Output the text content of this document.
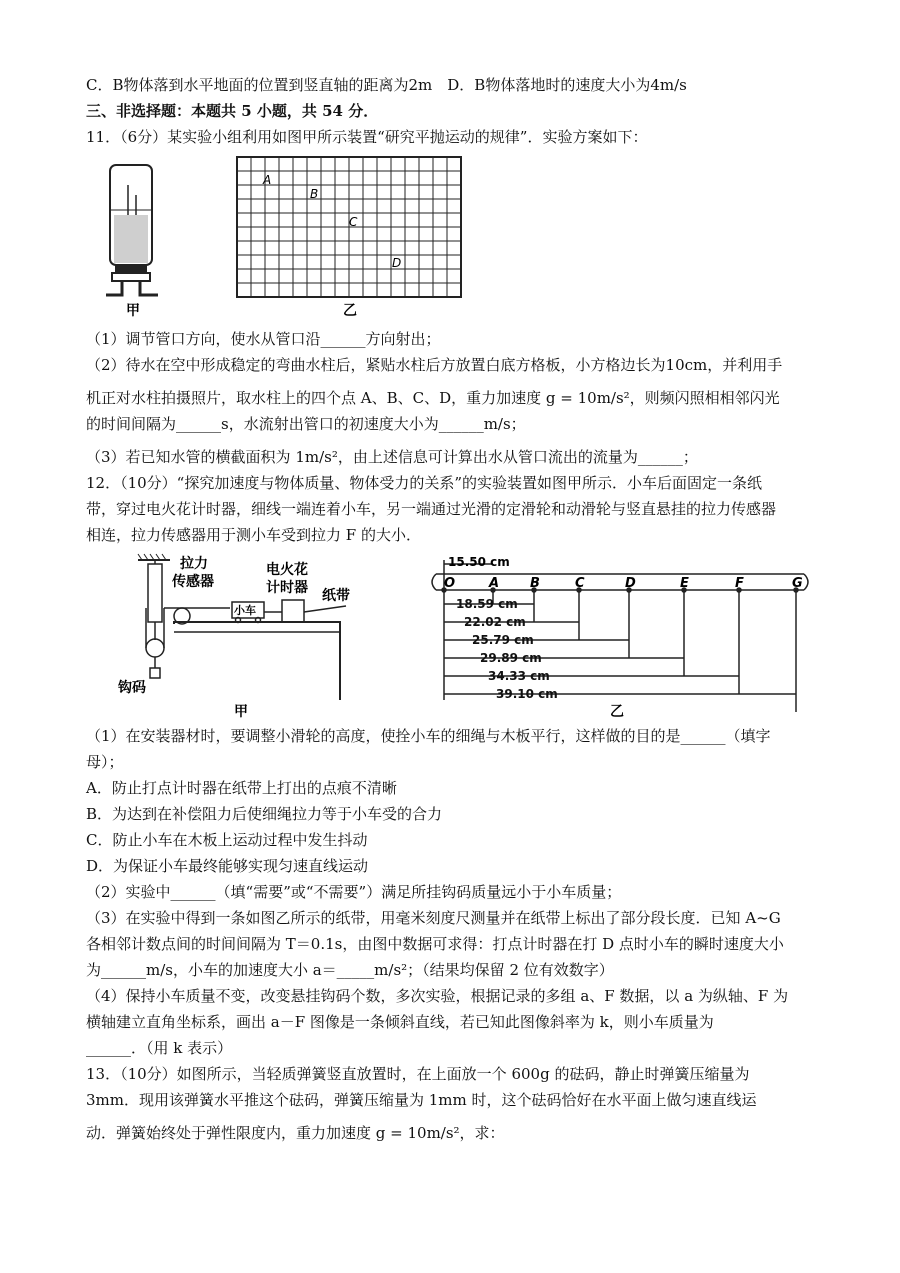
C．B物体落到水平地面的位置到竖直轴的距离为2m　D．B物体落地时的速度大小为4m/s
三、非选择题：本题共 5 小题，共 54 分．
11．（6分）某实验小组利用如图甲所示装置“研究平抛运动的规律”．实验方案如下：
甲
A
B
C
D
乙
（1）调节管口方向，使水从管口沿______方向射出；
（2）待水在空中形成稳定的弯曲水柱后，紧贴水柱后方放置白底方格板，小方格边长为10cm，并利用手
机正对水柱拍摄照片，取水柱上的四个点 A、B、C、D，重力加速度 g = 10m/s²，则频闪照相相邻闪光
的时间间隔为______s，水流射出管口的初速度大小为______m/s；
（3）若已知水管的横截面积为 1m/s²，由上述信息可计算出水从管口流出的流量为______；
12．（10分）“探究加速度与物体质量、物体受力的关系”的实验装置如图甲所示．小车后面固定一条纸
带，穿过电火花计时器，细线一端连着小车，另一端通过光滑的定滑轮和动滑轮与竖直悬挂的拉力传感器
相连，拉力传感器用于测小车受到拉力 F 的大小．
拉力
传感器
电火花
计时器
小车
纸带
钩码
甲
O	A B	C	D	E	F	G
15.50 cm
18.59 cm
22.02 cm
25.79 cm
29.89 cm
34.33 cm
39.10 cm
乙
（1）在安装器材时，要调整小滑轮的高度，使拴小车的细绳与木板平行，这样做的目的是______（填字
母）；
A．防止打点计时器在纸带上打出的点痕不清晰
B．为达到在补偿阻力后使细绳拉力等于小车受的合力
C．防止小车在木板上运动过程中发生抖动
D．为保证小车最终能够实现匀速直线运动
（2）实验中______（填“需要”或“不需要”）满足所挂钩码质量远小于小车质量；
（3）在实验中得到一条如图乙所示的纸带，用毫米刻度尺测量并在纸带上标出了部分段长度．已知 A~G
各相邻计数点间的时间间隔为 T＝0.1s，由图中数据可求得：打点计时器在打 D 点时小车的瞬时速度大小
为______m/s，小车的加速度大小 a＝_____m/s²；（结果均保留 2 位有效数字）
（4）保持小车质量不变，改变悬挂钩码个数，多次实验，根据记录的多组 a、F 数据，以 a 为纵轴、F 为
横轴建立直角坐标系，画出 a－F 图像是一条倾斜直线，若已知此图像斜率为 k，则小车质量为
______．（用 k 表示）
13．（10分）如图所示，当轻质弹簧竖直放置时，在上面放一个 600g 的砝码，静止时弹簧压缩量为
3mm．现用该弹簧水平推这个砝码，弹簧压缩量为 1mm 时，这个砝码恰好在水平面上做匀速直线运
动．弹簧始终处于弹性限度内，重力加速度 g = 10m/s²，求：
